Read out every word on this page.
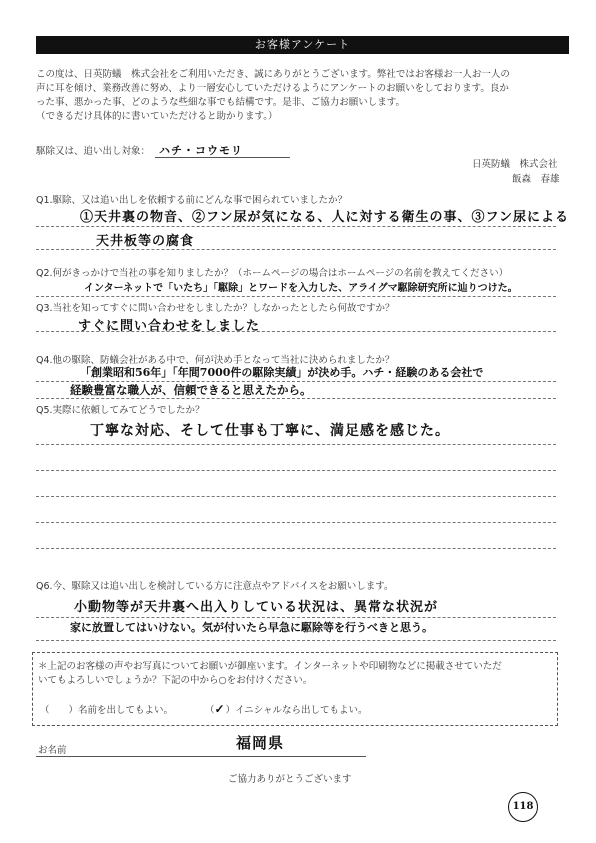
お客様アンケート
この度は、日英防蟻　株式会社をご利用いただき、誠にありがとうございます。弊社ではお客様お一人お一人の
声に耳を傾け、業務改善に努め、より一層安心していただけるようにアンケートのお願いをしております。良か
った事、悪かった事、どのような些細な事でも結構です。是非、ご協力お願いします。
（できるだけ具体的に書いていただけると助かります。）
駆除又は、追い出し対象： ハチ・コウモリ
日英防蟻　株式会社
飯森　春雄
Q1.駆除、又は追い出しを依頼する前にどんな事で困られていましたか？
①天井裏の物音、②フン尿が気になる、人に対する衛生の事、③フン尿による
天井板等の腐食
Q2.何がきっかけで当社の事を知りましたか？（ホームページの場合はホームページの名前を教えてください）
インターネットで「いたち」「駆除」とワードを入力した、アライグマ駆除研究所に辿りつけた。
Q3.当社を知ってすぐに問い合わせをしましたか？しなかったとしたら何故ですか？
すぐに問い合わせをしました
Q4.他の駆除、防蟻会社がある中で、何が決め手となって当社に決められましたか？
「創業昭和56年」「年間7000件の駆除実績」が決め手。ハチ・経験のある会社で
経験豊富な職人が、信頼できると思えたから。
Q5.実際に依頼してみてどうでしたか？
丁寧な対応、そして仕事も丁寧に、満足感を感じた。
Q6.今、駆除又は追い出しを検討している方に注意点やアドバイスをお願いします。
小動物等が天井裏へ出入りしている状況は、異常な状況が
家に放置してはいけない。気が付いたら早急に駆除等を行うべきと思う。
＊上記のお客様の声やお写真についてお願いが御座います。インターネットや印刷物などに掲載させていただ
いてもよろしいでしょうか？下記の中から○をお付けください。
（　　）名前を出してもよい。	（✓）イニシャルなら出してもよい。
お名前	福岡県
ご協力ありがとうございます
118
